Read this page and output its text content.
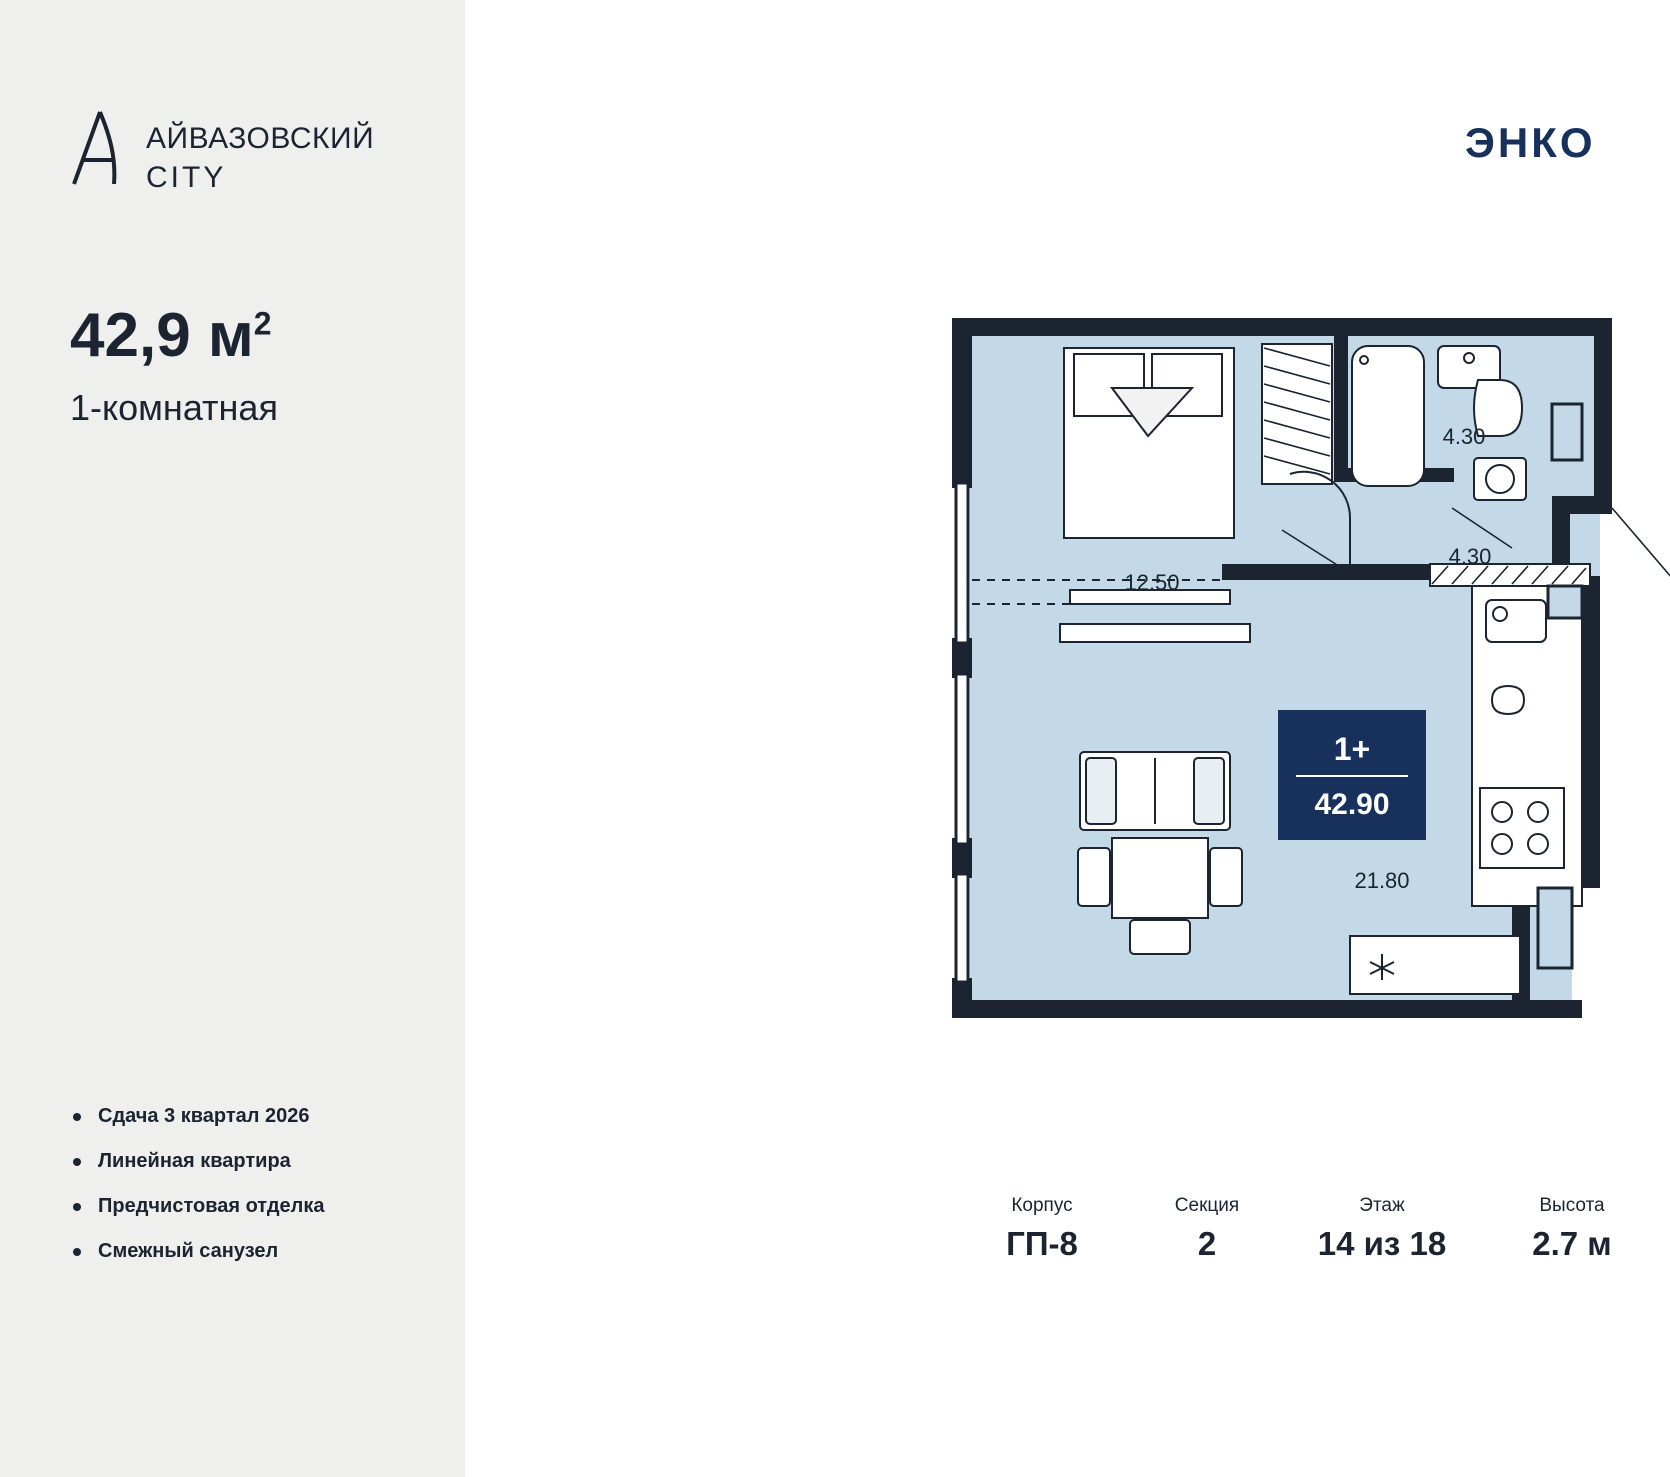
АЙВАЗОВСКИЙ
CITY
42,9 $м^2$
1-комнатная
Сдача 3 квартал 2026
Линейная квартира
Предчистовая отделка
Смежный санузел
ЭНКО
12.50
4.30
4.30
21.80
1+
42.90
Корпус
ГП-8
Секция
2
Этаж
14 из 18
Высота
2.7 м
